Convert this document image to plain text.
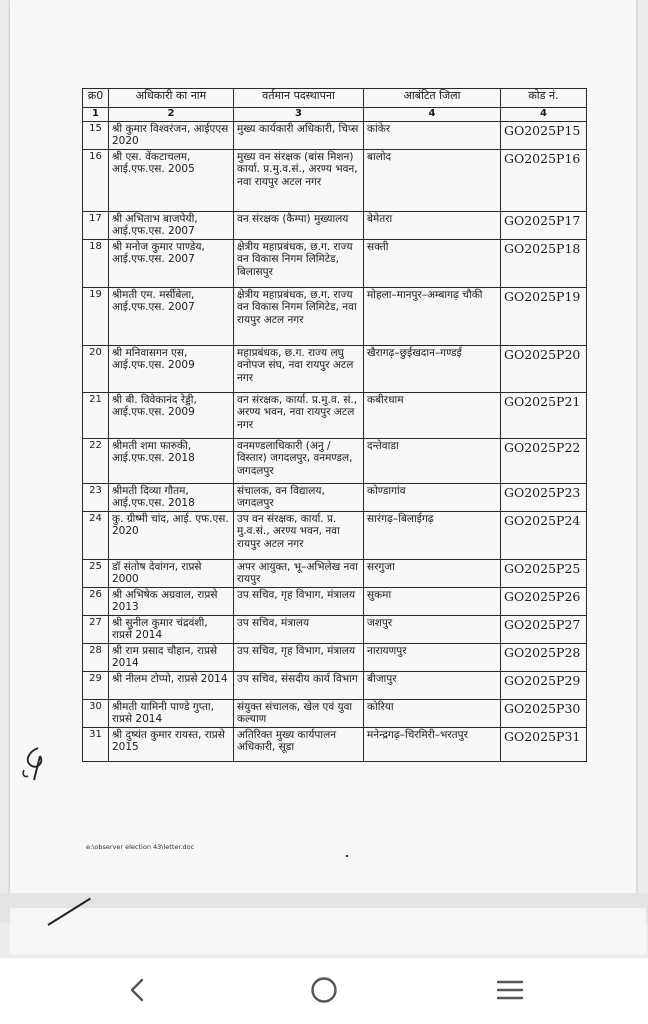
क्र0	अधिकारी का नाम	वर्तमान पदस्थापना	आबंटित जिला	कोड नं.
1	2	3	4	4
15	श्री कुमार विश्वरंजन, आईएएस 2020	मुख्य कार्यकारी अधिकारी, चिप्स	कांकेर	GO2025P15
16	श्री एस. वेंकटाचलम, आई.एफ.एस. 2005	मुख्य वन संरक्षक (बांस मिशन) कार्या. प्र.मु.व.सं., अरण्य भवन, नवा रायपुर अटल नगर	बालोद	GO2025P16
17	श्री अभिताभ बाजपेयी, आई.एफ.एस. 2007	वन संरक्षक (कैम्पा) मुख्यालय	बेमेतरा	GO2025P17
18	श्री मनोज कुमार पाण्डेय, आई.एफ.एस. 2007	क्षेत्रीय महाप्रबंधक, छ.ग. राज्य वन विकास निगम लिमिटेड, बिलासपुर	सक्ती	GO2025P18
19	श्रीमती एम. मर्सीबेला, आई.एफ.एस. 2007	क्षेत्रीय महाप्रबंधक, छ.ग. राज्य वन विकास निगम लिमिटेड, नवा रायपुर अटल नगर	मोहला–मानपुर–अम्बागढ़ चौकी	GO2025P19
20	श्री मनिवासगन एस, आई.एफ.एस. 2009	महाप्रबंधक, छ.ग. राज्य लघु वनोपज संघ, नवा रायपुर अटल नगर	खैरागढ़–छुईखदान–गण्डई	GO2025P20
21	श्री बी. विवेकानंद रेड्डी, आई.एफ.एस. 2009	वन संरक्षक, कार्या. प्र.मु.व. सं., अरण्य भवन, नवा रायपुर अटल नगर	कबीरधाम	GO2025P21
22	श्रीमती शमा फारुकी, आई.एफ.एस. 2018	वनमण्डलाधिकारी (अनु /विस्तार) जगदलपुर, वनमण्डल, जगदलपुर	दन्तेवाडा	GO2025P22
23	श्रीमती दिव्या गौतम, आई.एफ.एस. 2018	संचालक, वन विद्यालय, जगदलपुर	कोण्डागांव	GO2025P23
24	कु. ग्रीष्मी चांद, आई. एफ.एस. 2020	उप वन संरक्षक, कार्या. प्र. मु.व.सं., अरण्य भवन, नवा रायपुर अटल नगर	सारंगढ़–बिलाईगढ़	GO2025P24
25	डॉ संतोष देवांगन, राप्रसे 2000	अपर आयुक्त, भू–अभिलेख नवा रायपुर	सरगुजा	GO2025P25
26	श्री अभिषेक अग्रवाल, राप्रसे 2013	उप सचिव, गृह विभाग, मंत्रालय	सुकमा	GO2025P26
27	श्री सुनील कुमार चंद्रवंशी, राप्रसे 2014	उप सचिव, मंत्रालय	जशपुर	GO2025P27
28	श्री राम प्रसाद चौहान, राप्रसे 2014	उप सचिव, गृह विभाग, मंत्रालय	नारायणपुर	GO2025P28
29	श्री नीलम टोप्पो, राप्रसे 2014	उप सचिव, संसदीय कार्य विभाग	बीजापुर	GO2025P29
30	श्रीमती यामिनी पाण्डे गुप्ता, राप्रसे 2014	संयुक्त संचालक, खेल एवं युवा कल्याण	कोरिया	GO2025P30
31	श्री दुष्यंत कुमार रायस्त, राप्रसे 2015	अतिरिक्त मुख्य कार्यपालन अधिकारी, सूडा	मनेन्द्रगढ़–चिरमिरी–भरतपुर	GO2025P31
e:\observer election 43\letter.doc
